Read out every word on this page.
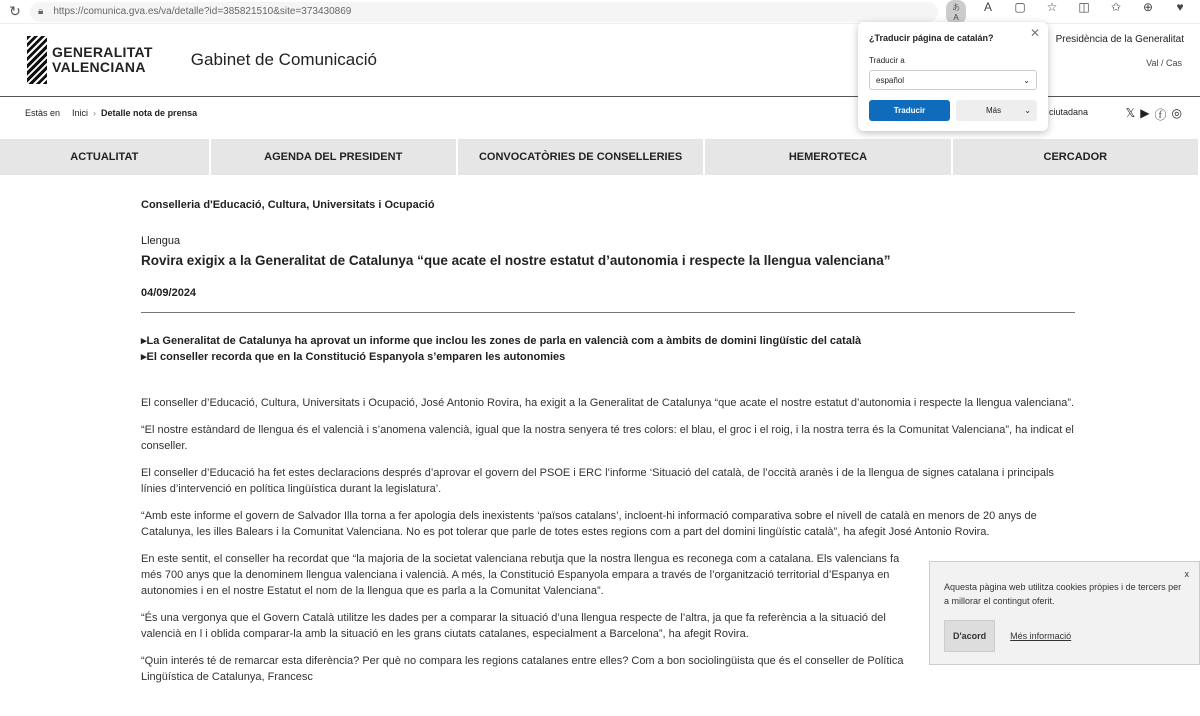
↻	🔒︎ https://comunica.gva.es/va/detalle?id=385821510&site=373430869	あA
A	▢	☆	◫	✩	⊕	♥
GENERALITAT
VALENCIANA	Gabinet de Comunicació
Presidència de la Generalitat
Val / Cas
Estàs en Inici › Detalle nota de prensa	ciutadana	𝕏 ▶ ⓕ ◎
ACTUALITAT	AGENDA DEL PRESIDENT	CONVOCATÒRIES DE CONSELLERIES	HEMEROTECA	CERCADOR
Conselleria d'Educació, Cultura, Universitats i Ocupació
Llengua
Rovira exigix a la Generalitat de Catalunya “que acate el nostre estatut d’autonomia i respecte la llengua valenciana”
04/09/2024
▸La Generalitat de Catalunya ha aprovat un informe que inclou les zones de parla en valencià com a àmbits de domini lingüístic del català
▸El conseller recorda que en la Constitució Espanyola s’emparen les autonomies

El conseller d’Educació, Cultura, Universitats i Ocupació, José Antonio Rovira, ha exigit a la Generalitat de Catalunya “que acate el nostre estatut d’autonomia i respecte la llengua valenciana”.

“El nostre estàndard de llengua és el valencià i s’anomena valencià, igual que la nostra senyera té tres colors: el blau, el groc i el roig, i la nostra terra és la Comunitat Valenciana”, ha indicat el conseller.

El conseller d’Educació ha fet estes declaracions després d’aprovar el govern del PSOE i ERC l’informe ‘Situació del català, de l’occità aranès i de la llengua de signes catalana i principals línies d’intervenció en política lingüística durant la legislatura’.

“Amb este informe el govern de Salvador Illa torna a fer apologia dels inexistents ‘països catalans’, incloent-hi informació comparativa sobre el nivell de català en menors de 20 anys de Catalunya, les illes Balears i la Comunitat Valenciana. No es pot tolerar que parle de totes estes regions com a part del domini lingüístic català”, ha afegit José Antonio Rovira.

En este sentit, el conseller ha recordat que “la majoria de la societat valenciana rebutja que la nostra llengua es reconega com a catalana. Els valencians fa més 700 anys que la denominem llengua valenciana i valencià. A més, la Constitució Espanyola empara a través de l’organització territorial d’Espanya en autonomies i en el nostre Estatut el nom de la llengua que es parla a la Comunitat Valenciana”.

“És una vergonya que el Govern Català utilitze les dades per a comparar la situació d’una llengua respecte de l’altra, ja que fa referència a la situació del valencià en l i oblida comparar-la amb la situació en les grans ciutats catalanes, especialment a Barcelona”, ha afegit Rovira.

“Quin interés té de remarcar esta diferència? Per què no compara les regions catalanes entre elles? Com a bon sociolingüista que és el conseller de Política Lingüística de Catalunya, Francesc

✕
¿Traducir página de catalán?
Traducir a
español	⌄
Traducir	Más	⌄
x
Aquesta pàgina web utilitza cookies pròpies i de tercers per a millorar el contingut oferit.
D'acord	Més informació
